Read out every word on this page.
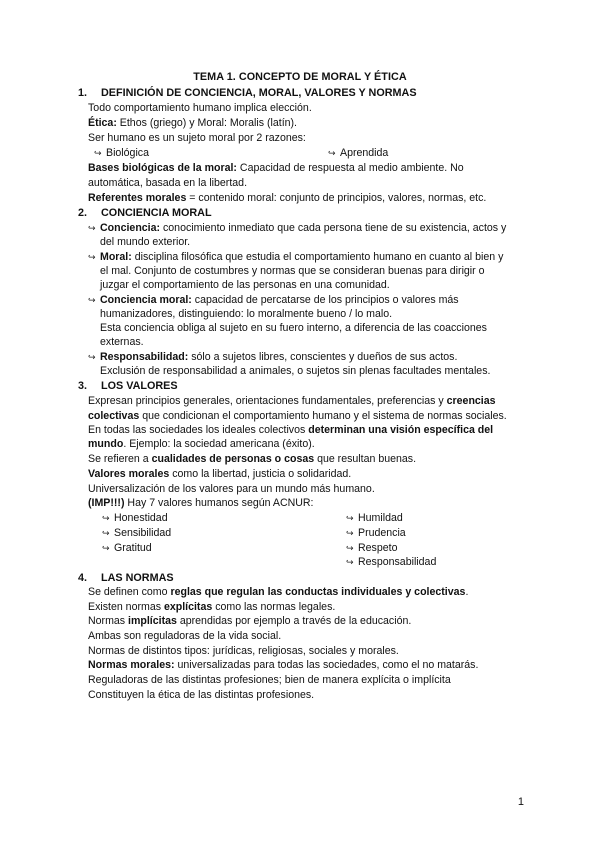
TEMA 1. CONCEPTO DE MORAL Y ÉTICA
1. DEFINICIÓN DE CONCIENCIA, MORAL, VALORES Y NORMAS
Todo comportamiento humano implica elección.
Ética: Ethos (griego) y Moral: Moralis (latín).
Ser humano es un sujeto moral por 2 razones:
↪ Biológica	↪ Aprendida
Bases biológicas de la moral: Capacidad de respuesta al medio ambiente. No
automática, basada en la libertad.
Referentes morales = contenido moral: conjunto de principios, valores, normas, etc.
2. CONCIENCIA MORAL
↪ Conciencia: conocimiento inmediato que cada persona tiene de su existencia, actos y
del mundo exterior.
↪ Moral: disciplina filosófica que estudia el comportamiento humano en cuanto al bien y
el mal. Conjunto de costumbres y normas que se consideran buenas para dirigir o
juzgar el comportamiento de las personas en una comunidad.
↪ Conciencia moral: capacidad de percatarse de los principios o valores más
humanizadores, distinguiendo: lo moralmente bueno / lo malo.
Esta conciencia obliga al sujeto en su fuero interno, a diferencia de las coacciones
externas.
↪ Responsabilidad: sólo a sujetos libres, conscientes y dueños de sus actos.
Exclusión de responsabilidad a animales, o sujetos sin plenas facultades mentales.
3. LOS VALORES
Expresan principios generales, orientaciones fundamentales, preferencias y creencias
colectivas que condicionan el comportamiento humano y el sistema de normas sociales.
En todas las sociedades los ideales colectivos determinan una visión específica del
mundo. Ejemplo: la sociedad americana (éxito).
Se refieren a cualidades de personas o cosas que resultan buenas.
Valores morales como la libertad, justicia o solidaridad.
Universalización de los valores para un mundo más humano.
(IMP!!!) Hay 7 valores humanos según ACNUR:
↪ Honestidad
↪ Sensibilidad
↪ Gratitud
↪ Humildad
↪ Prudencia
↪ Respeto
↪ Responsabilidad
4. LAS NORMAS
Se definen como reglas que regulan las conductas individuales y colectivas.
Existen normas explícitas como las normas legales.
Normas implícitas aprendidas por ejemplo a través de la educación.
Ambas son reguladoras de la vida social.
Normas de distintos tipos: jurídicas, religiosas, sociales y morales.
Normas morales: universalizadas para todas las sociedades, como el no matarás.
Reguladoras de las distintas profesiones; bien de manera explícita o implícita
Constituyen la ética de las distintas profesiones.
1
